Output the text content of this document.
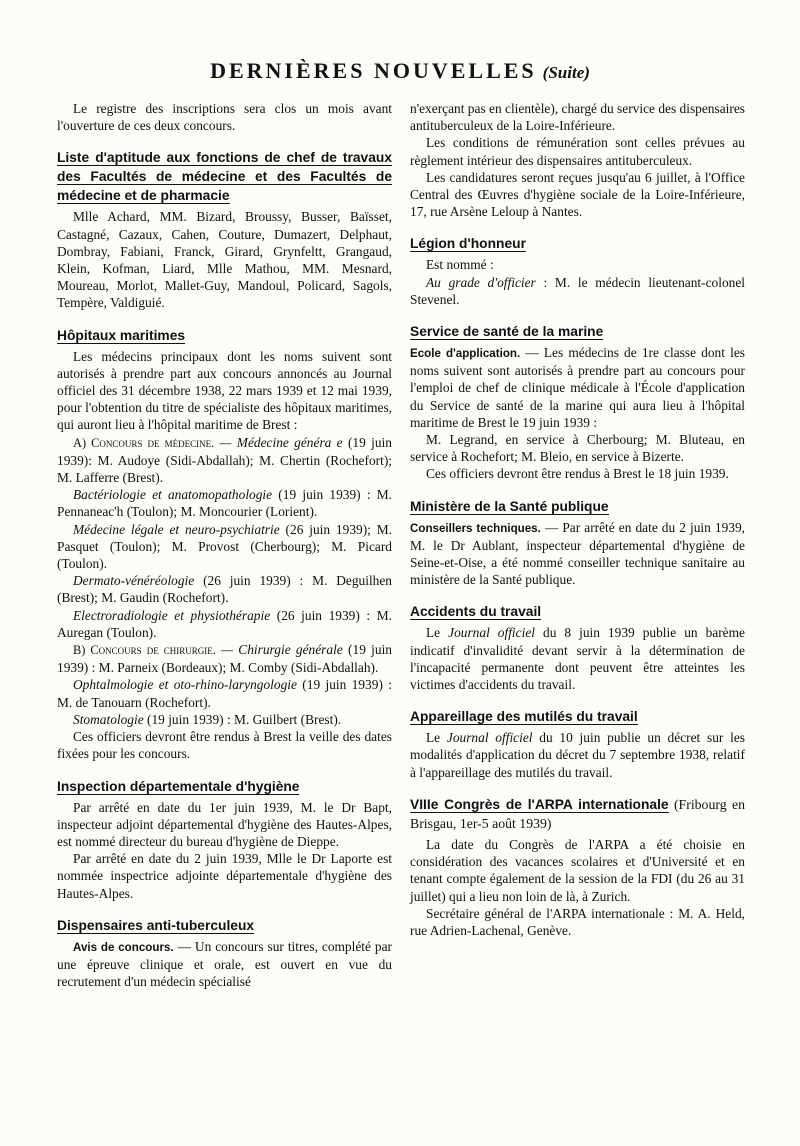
DERNIÈRES NOUVELLES (Suite)

Le registre des inscriptions sera clos un mois avant l'ouverture de ces deux concours.

Liste d'aptitude aux fonctions de chef de travaux des Facultés de médecine et des Facultés de médecine et de pharmacie

Mlle Achard, MM. Bizard, Broussy, Busser, Baïsset, Castagné, Cazaux, Cahen, Couture, Dumazert, Delphaut, Dombray, Fabiani, Franck, Girard, Grynfeltt, Grangaud, Klein, Kofman, Liard, Mlle Mathou, MM. Mesnard, Moureau, Morlot, Mallet-Guy, Mandoul, Policard, Sagols, Tempère, Valdiguié.

Hôpitaux maritimes

Les médecins principaux dont les noms suivent sont autorisés à prendre part aux concours annoncés au Journal officiel des 31 décembre 1938, 22 mars 1939 et 12 mai 1939, pour l'obtention du titre de spécialiste des hôpitaux maritimes, qui auront lieu à l'hôpital maritime de Brest :

A) Concours de médecine. — Médecine généra e (19 juin 1939): M. Audoye (Sidi-Abdallah); M. Chertin (Rochefort); M. Lafferre (Brest).

Bactériologie et anatomopathologie (19 juin 1939) : M. Pennaneac'h (Toulon); M. Moncourier (Lorient).

Médecine légale et neuro-psychiatrie (26 juin 1939); M. Pasquet (Toulon); M. Provost (Cherbourg); M. Picard (Toulon).

Dermato-vénéréologie (26 juin 1939) : M. Deguilhen (Brest); M. Gaudin (Rochefort).

Electroradiologie et physiothérapie (26 juin 1939) : M. Auregan (Toulon).

B) Concours de chirurgie. — Chirurgie générale (19 juin 1939) : M. Parneix (Bordeaux); M. Comby (Sidi-Abdallah).

Ophtalmologie et oto-rhino-laryngologie (19 juin 1939) : M. de Tanouarn (Rochefort).

Stomatologie (19 juin 1939) : M. Guilbert (Brest).

Ces officiers devront être rendus à Brest la veille des dates fixées pour les concours.

Inspection départementale d'hygiène

Par arrêté en date du 1er juin 1939, M. le Dr Bapt, inspecteur adjoint départemental d'hygiène des Hautes-Alpes, est nommé directeur du bureau d'hygiène de Dieppe.

Par arrêté en date du 2 juin 1939, Mlle le Dr Laporte est nommée inspectrice adjointe départementale d'hygiène des Hautes-Alpes.

Dispensaires anti-tuberculeux

Avis de concours. — Un concours sur titres, complété par une épreuve clinique et orale, est ouvert en vue du recrutement d'un médecin spécialisé

n'exerçant pas en clientèle), chargé du service des dispensaires antituberculeux de la Loire-Inférieure.

Les conditions de rémunération sont celles prévues au règlement intérieur des dispensaires antituberculeux.

Les candidatures seront reçues jusqu'au 6 juillet, à l'Office Central des Œuvres d'hygiène sociale de la Loire-Inférieure, 17, rue Arsène Leloup à Nantes.

Légion d'honneur

Est nommé :

Au grade d'officier : M. le médecin lieutenant-colonel Stevenel.

Service de santé de la marine

Ecole d'application. — Les médecins de 1re classe dont les noms suivent sont autorisés à prendre part au concours pour l'emploi de chef de clinique médicale à l'École d'application du Service de santé de la marine qui aura lieu à l'hôpital maritime de Brest le 19 juin 1939 :

M. Legrand, en service à Cherbourg; M. Bluteau, en service à Rochefort; M. Bleio, en service à Bizerte.

Ces officiers devront être rendus à Brest le 18 juin 1939.

Ministère de la Santé publique

Conseillers techniques. — Par arrêté en date du 2 juin 1939, M. le Dr Aublant, inspecteur départemental d'hygiène de Seine-et-Oise, a été nommé conseiller technique sanitaire au ministère de la Santé publique.

Accidents du travail

Le Journal officiel du 8 juin 1939 publie un barème indicatif d'invalidité devant servir à la détermination de l'incapacité permanente dont peuvent être atteintes les victimes d'accidents du travail.

Appareillage des mutilés du travail

Le Journal officiel du 10 juin publie un décret sur les modalités d'application du décret du 7 septembre 1938, relatif à l'appareillage des mutilés du travail.

VIIIe Congrès de l'ARPA internationale (Fribourg en Brisgau, 1er-5 août 1939)

La date du Congrès de l'ARPA a été choisie en considération des vacances scolaires et d'Université et en tenant compte également de la session de la FDI (du 26 au 31 juillet) qui a lieu non loin de là, à Zurich.

Secrétaire général de l'ARPA internationale : M. A. Held, rue Adrien-Lachenal, Genève.
